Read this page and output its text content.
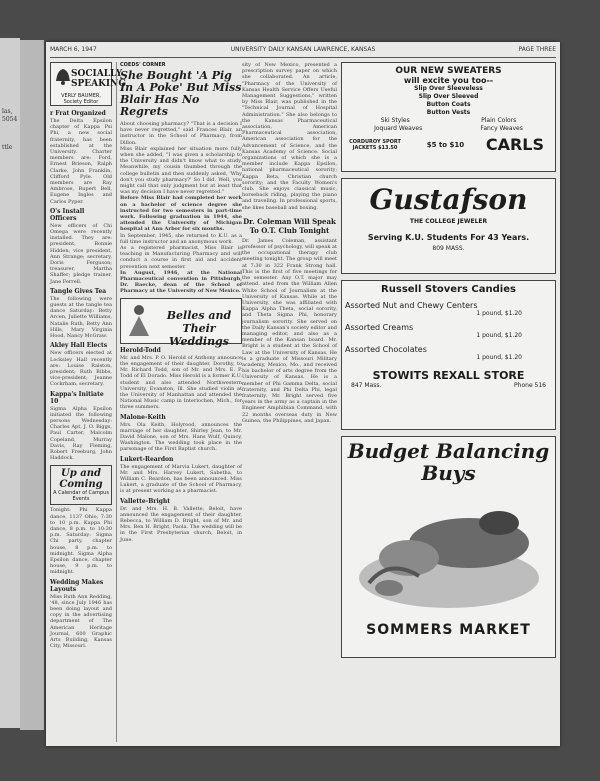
las,
5054
ttle
MARCH 6, 1947	UNIVERSITY DAILY KANSAN LAWRENCE, KANSAS	PAGE THREE
SOCIALLY SPEAKING
VERLY BAUMER, Society Editor
r Frat Organized

The Delta Epsilon chapter of Kappa Psi Phi, a new social fraternity, has been established at the University. Charter members are: Ford, Ernest Brieson, Ralph Clarke, John Franklin, Clifford Pyle. Old members are Ray Ambrose, Rupert Bell, Eugene Ingles and Carlos Pyper.

O's Install Officers

New officers of Chi Omega were recently installed. They are: president, Bonnie Hidden; vice president, Ann Strange; secretary, Doris Ferguson; treasurer, Martha Shaffer; pledge trainer, Jane Ferrell.

Tangle Gives Tea

The following were guests at the tangle tea dance Saturday: Betty Arcen, Juliette Williams, Natalie Ruth, Betty Ann Hills, Mary Virginia Hood, Nancy McGraw.

Akley Hall Elects

New officers elected at Locksley Hall recently are: Louise Ralston, president; Ruth Bibbs, vice-president; Jeanne Cockrham, secretary.

Kappa's Initiate 10

Sigma Alpha Epsilon initiated the following persons Wednesday: Charles Apt, J. O. Biggs, Paul Carter, Malcolm Copeland, Murray Davis, Ray Fleming, Robert Freeburg, John Haddock.

Up and Coming
A Calendar of Campus Events

Tonight: Phi Kappa dance, 1137 Ohio, 7:30 to 10 p.m. Kappa Phi dance, 8 p.m. to 10:30 p.m. Saturday: Sigma Chi party, chapter house, 8 p.m. to midnight. Sigma Alpha Epsilon dance, chapter house, 9 p.m. to midnight.

Wedding Makes Layouts

Miss Ruth Ann Redding, '48, since July 1946 has been doing layout and copy in the advertising department of The American Heritage Journal, 600 Graphic Arts Building, Kansas City, Missouri.

COEDS' CORNER
She Bought 'A Pig In A Poke' But Miss Blair Has No Regrets

About choosing pharmacy? "That is a decision I have never regretted," said Frances Blair, an instructor in the School of Pharmacy, from Dillon.

Miss Blair explained her situation more fully when she added, "I was given a scholarship to the University and didn't know what to study. Meanwhile, my cousin thumbed through the college bulletin and then suddenly asked, 'Why don't you study pharmacy?' So I did. Well, you might call that only judgment but at least that was my decision I have never regretted."

Before Miss Blair had completed her work on a bachelor of science degree she instructed for two semesters in part-time work. Following graduation in 1944, she attended the University of Michigan hospital at Ann Arbor for six months.

In September, 1945, she returned to K.U. as a full time instructor and an anonymous work.

As a registered pharmacist, Miss Blair is teaching in Manufacturing Pharmacy and will conduct a course in first aid and accident prevention next semester.

In August, 1946, at the National Pharmaceutical convention in Pittsburgh, Dr. Baecke, dean of the School of Pharmacy at the University of New Mexico.

Belles and Their Weddings
Herold-Todd

Mr. and Mrs. P. O. Herold of Anthony announce the engagement of their daughter, Dorothy, to Mr. Richard Todd, son of Mr. and Mrs. E. P. Todd of El Dorado. Miss Herold is a former K.U. student and also attended Northwestern University, Evanston, Ill. She studied violin at the University of Manhattan and attended the National Music camp in Interlochen, Mich., for three summers.

Malone-Keith

Mrs. Ola Keith, Holyrood, announces the marriage of her daughter, Shirley Jean, to Mr. David Malone, son of Mrs. Hans Wulf, Quincy, Washington. The wedding took place in the parsonage of the First Baptist church.

Lukert-Reardon

The engagement of Marvia Lukert, daughter of Mr. and Mrs. Harvey Lukert, Sabetha, to William C. Reardon, has been announced. Miss Lukert, a graduate of the School of Pharmacy, is at present working as a pharmacist.

Vallette-Bright

Dr. and Mrs. H. B. Vallette, Beloit, have announced the engagement of their daughter, Rebecca, to William D. Bright, son of Mr. and Mrs. Ben H. Bright, Paola. The wedding will be in the First Presbyterian church, Beloit, in June.

sity of New Mexico, presented a prescription survey paper on which she collaborated. An article, "Pharmacy of the University of Kansas Health Service Offers Useful Management Suggestions," written by Miss Blair, was published in the "Technical Journal of Hospital Administration." She also belongs to the Kansas Pharmaceutical association, American Pharmaceutical association, American association for the Advancement of Science, and the Kansas Academy of Science. Social organizations of which she is a member include Kappa Epsilon, national pharmaceutical sorority; Kappa Beta, Christian church sorority; and the Faculty Women's club. She enjoys classical music, horseback riding, playing the piano and traveling. In professional sports, she likes baseball and boxing.

Dr. Coleman Will Speak To O.T. Club Tonight

Dr. James Coleman, assistant professor of psychology, will speak at the occupational therapy club meeting tonight. The group will meet at 7:30 in 322 Frank Strong hall. This is the first of five meetings for the semester. Any O.T. major may attend. ated from the William Allen White School of Journalism at the University of Kansas. While at the University, she was affiliated with Kappa Alpha Theta, social sorority, and Theta Sigma Phi, honorary journalism sorority. She served on the Daily Kansan's society editor and managing editor, and also as a member of the Kansan board. Mr. Bright is a student at the School of Law at the University of Kansas. He is a graduate of Missouri Military academy, Mexico, Mo., and received his bachelor of arts degree from the University of Kansas. He is a member of Phi Gamma Delta, social fraternity, and Phi Delta Phi, legal fraternity. Mr. Bright served five years in the army as a captain in the Engineer Amphibian Command, with 22 months overseas duty in New Guinea, the Philippines, and Japan.

OUR NEW SWEATERS
will excite you too--
Slip Over Sleeveless
Slip Over Sleeved
Button Coats
Button Vests
Ski Styles	Plain Colors
Joquard Weaves	Fancy Weaves
CORDUROY SPORT JACKETS $13.50	$5 to $10 CARLS
Gustafson
THE COLLEGE JEWELER
Serving K.U. Students For 43 Years.
809 MASS.
Russell Stovers Candies
Assorted Nut and Chewy Centers
1 pound, $1.20
Assorted Creams
1 pound, $1.20
Assorted Chocolates
1 pound, $1.20
STOWITS REXALL STORE
847 Mass.	Phone 516
Budget Balancing Buys
SOMMERS MARKET
